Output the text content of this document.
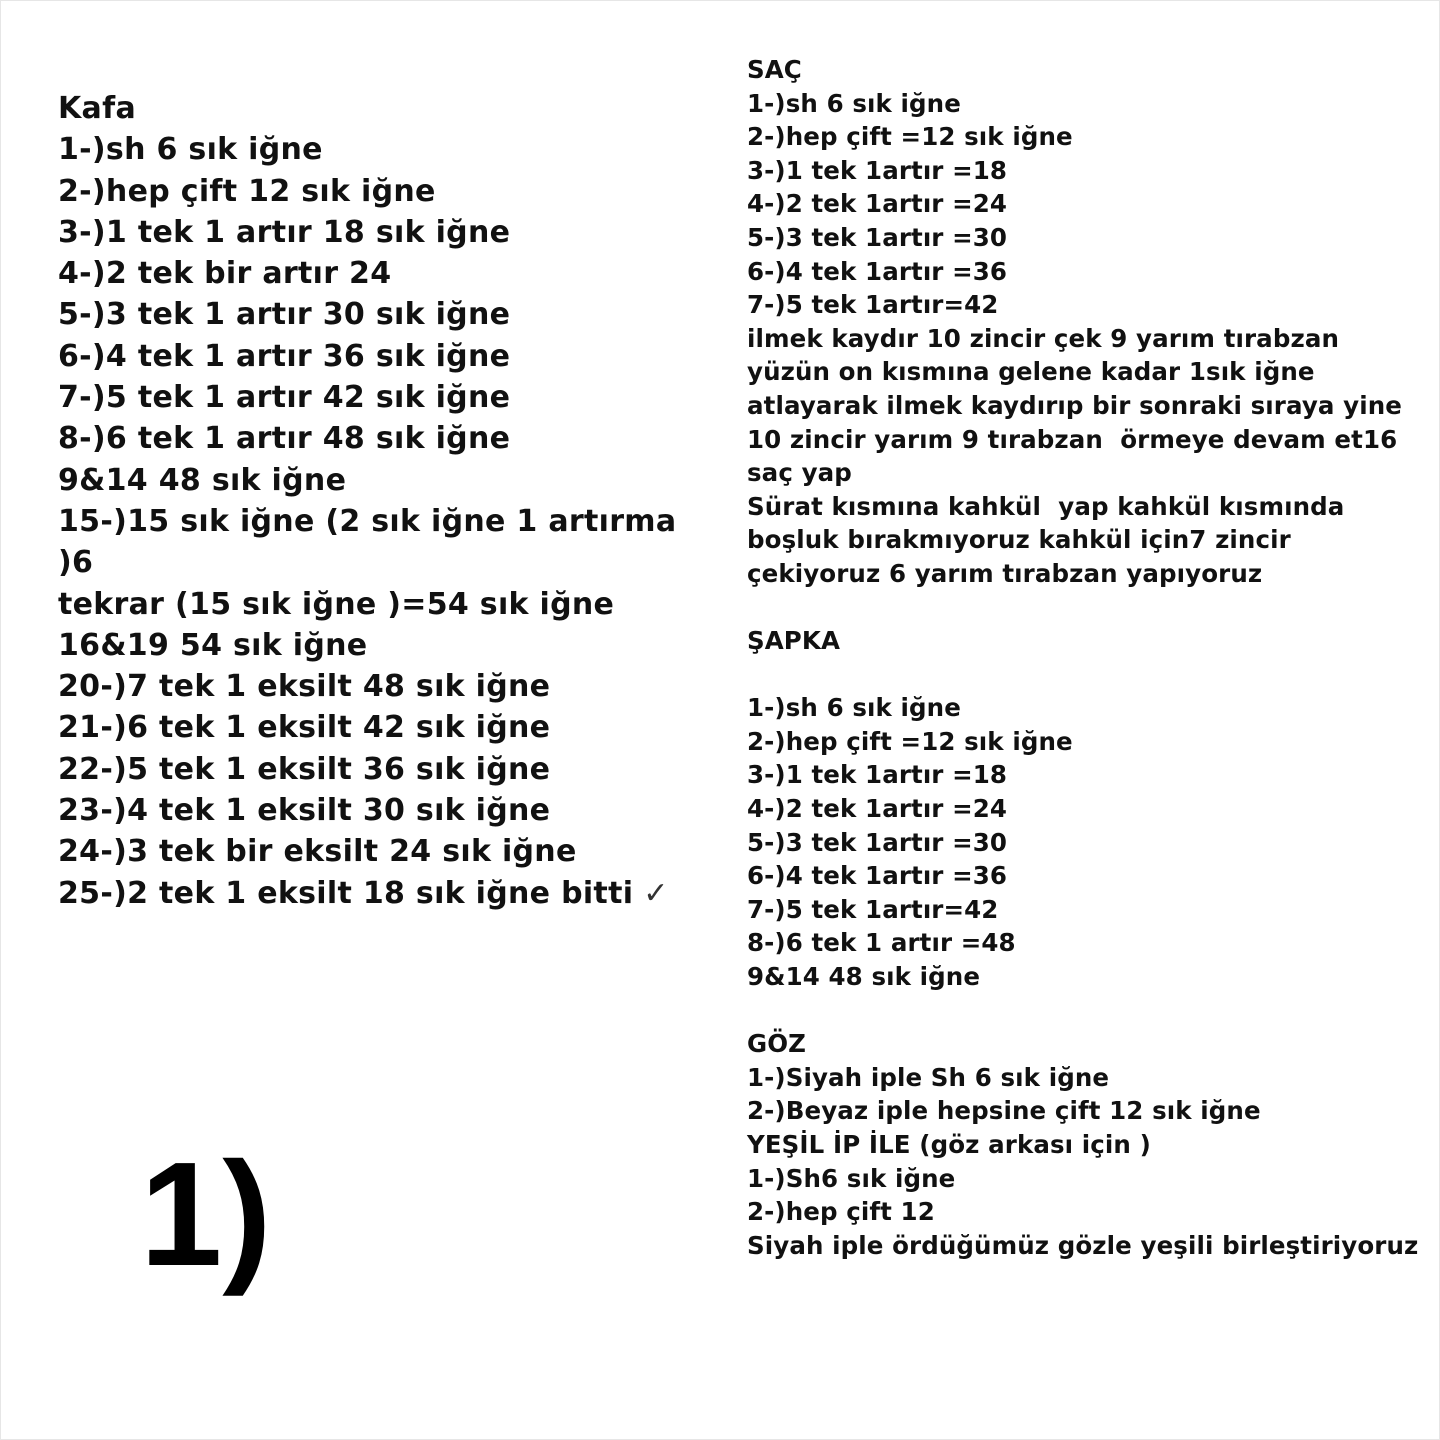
Kafa
1-)sh 6 sık iğne
2-)hep çift 12 sık iğne
3-)1 tek 1 artır 18 sık iğne
4-)2 tek bir artır 24
5-)3 tek 1 artır 30 sık iğne
6-)4 tek 1 artır 36 sık iğne
7-)5 tek 1 artır 42 sık iğne
8-)6 tek 1 artır 48 sık iğne
9&14 48 sık iğne
15-)15 sık iğne (2 sık iğne 1 artırma )6
tekrar (15 sık iğne )=54 sık iğne
16&19 54 sık iğne
20-)7 tek 1 eksilt 48 sık iğne
21-)6 tek 1 eksilt 42 sık iğne
22-)5 tek 1 eksilt 36 sık iğne
23-)4 tek 1 eksilt 30 sık iğne
24-)3 tek bir eksilt 24 sık iğne
25-)2 tek 1 eksilt 18 sık iğne bitti ✓
SAÇ
1-)sh 6 sık iğne
2-)hep çift =12 sık iğne
3-)1 tek 1artır =18
4-)2 tek 1artır =24
5-)3 tek 1artır =30
6-)4 tek 1artır =36
7-)5 tek 1artır=42
ilmek kaydır 10 zincir çek 9 yarım tırabzan
yüzün on kısmına gelene kadar 1sık iğne
atlayarak ilmek kaydırıp bir sonraki sıraya yine
10 zincir yarım 9 tırabzan  örmeye devam et16
saç yap
Sürat kısmına kahkül  yap kahkül kısmında
boşluk bırakmıyoruz kahkül için7 zincir
çekiyoruz 6 yarım tırabzan yapıyoruz
ŞAPKA
1-)sh 6 sık iğne
2-)hep çift =12 sık iğne
3-)1 tek 1artır =18
4-)2 tek 1artır =24
5-)3 tek 1artır =30
6-)4 tek 1artır =36
7-)5 tek 1artır=42
8-)6 tek 1 artır =48
9&14 48 sık iğne
GÖZ
1-)Siyah iple Sh 6 sık iğne
2-)Beyaz iple hepsine çift 12 sık iğne
YEŞİL İP İLE (göz arkası için )
1-)Sh6 sık iğne
2-)hep çift 12
Siyah iple ördüğümüz gözle yeşili birleştiriyoruz
1)
